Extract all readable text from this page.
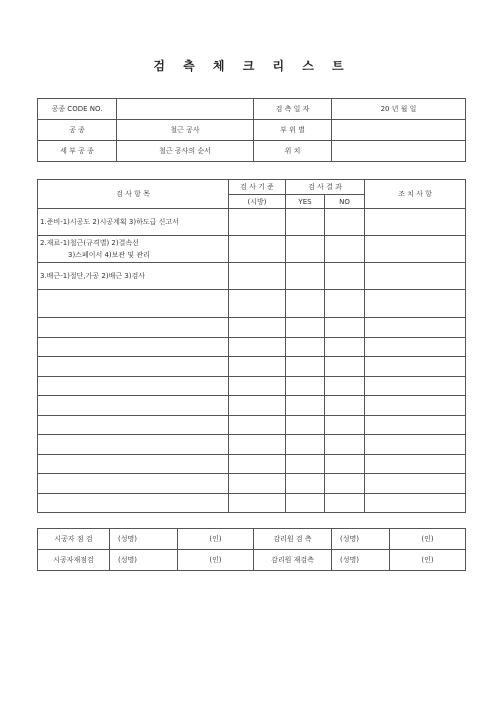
검 측 체 크 리 스 트
공종 CODE NO.		검 측 일 자	20 년 월 일
공 종	철근 공사	부 위 별	
세 부 공 종	철근 공사의 순서	위 치	
검 사 항 목	검 사 기 준	검 사 결 과		조 치 사 항
	(시방)	YES	NO	

1.준비-1)시공도 2)시공계획 3)하도급 신고서				

2.재료-1)철근(규격별) 2)결속선
3)스페이서 4)보관 및 관리				

3.배근-1)절단,가공 2)배근 3)검사				

시공자 점 검	(성명)	(인)	감리원 검 측	(성명)	(인)
시공자재점검	(성명)	(인)	감리원 재검측	(성명)	(인)
